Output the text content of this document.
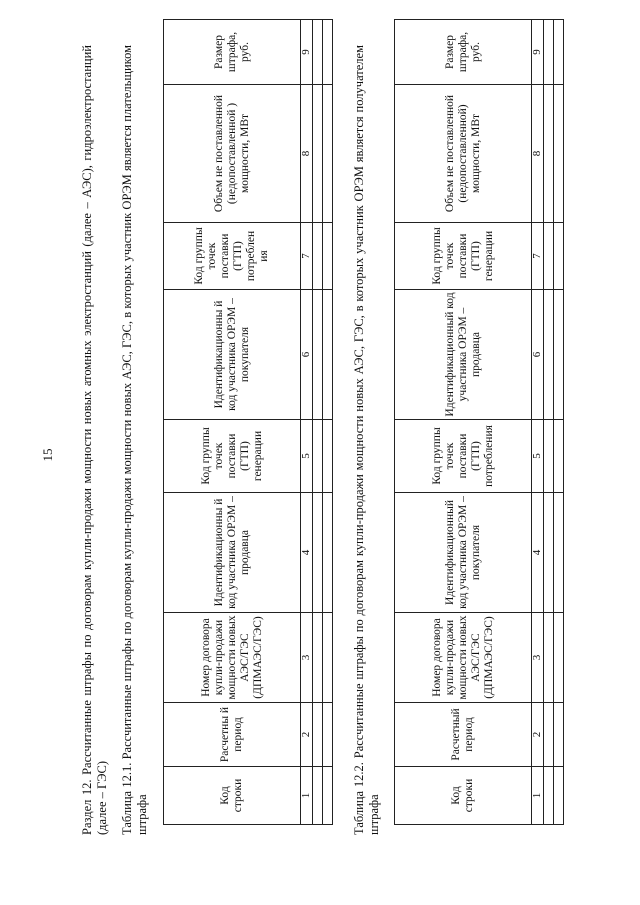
15 Раздел 12. Рассчитанные штрафы по договорам купли-продажи мощности новых атомных электростанций (далее – АЭС), гидроэлектростанций (далее – ГЭС) Таблица 12.1. Рассчитанные штрафы по договорам купли-продажи мощности новых АЭС, ГЭС, в которых участник ОРЭМ является плательщиком штрафа	Код строки	Расчетны й период	Номер договора купли-продажи мощности новых АЭС/ГЭС (ДПМАЭС/ГЭС)	Идентификационны й код участника ОРЭМ – продавца	Код группы точек поставки (ГТП) генерации	Идентификационны й код участника ОРЭМ – покупателя	Код группы точек поставки (ГТП) потреблен ия	Объем не поставленной (недопоставленной ) мощности, МВт	Размер штрафа, руб.
1	2	3	4	5	6	7	8	9

									Таблица 12.2. Рассчитанные штрафы по договорам купли-продажи мощности новых АЭС, ГЭС, в которых участник ОРЭМ является получателем штрафа	Код строки	Расчетный период	Номер договора купли-продажи мощности новых АЭС/ГЭС (ДПМАЭС/ГЭС)	Идентификационный код участника ОРЭМ –покупателя	Код группы точек поставки (ГТП) потребления	Идентификационный код участника ОРЭМ –продавца	Код группы точек поставки (ГТП) генерации	Объем не поставленной (недопоставленной) мощности, МВт	Размер штрафа, руб.
1	2	3	4	5	6	7	8	9
